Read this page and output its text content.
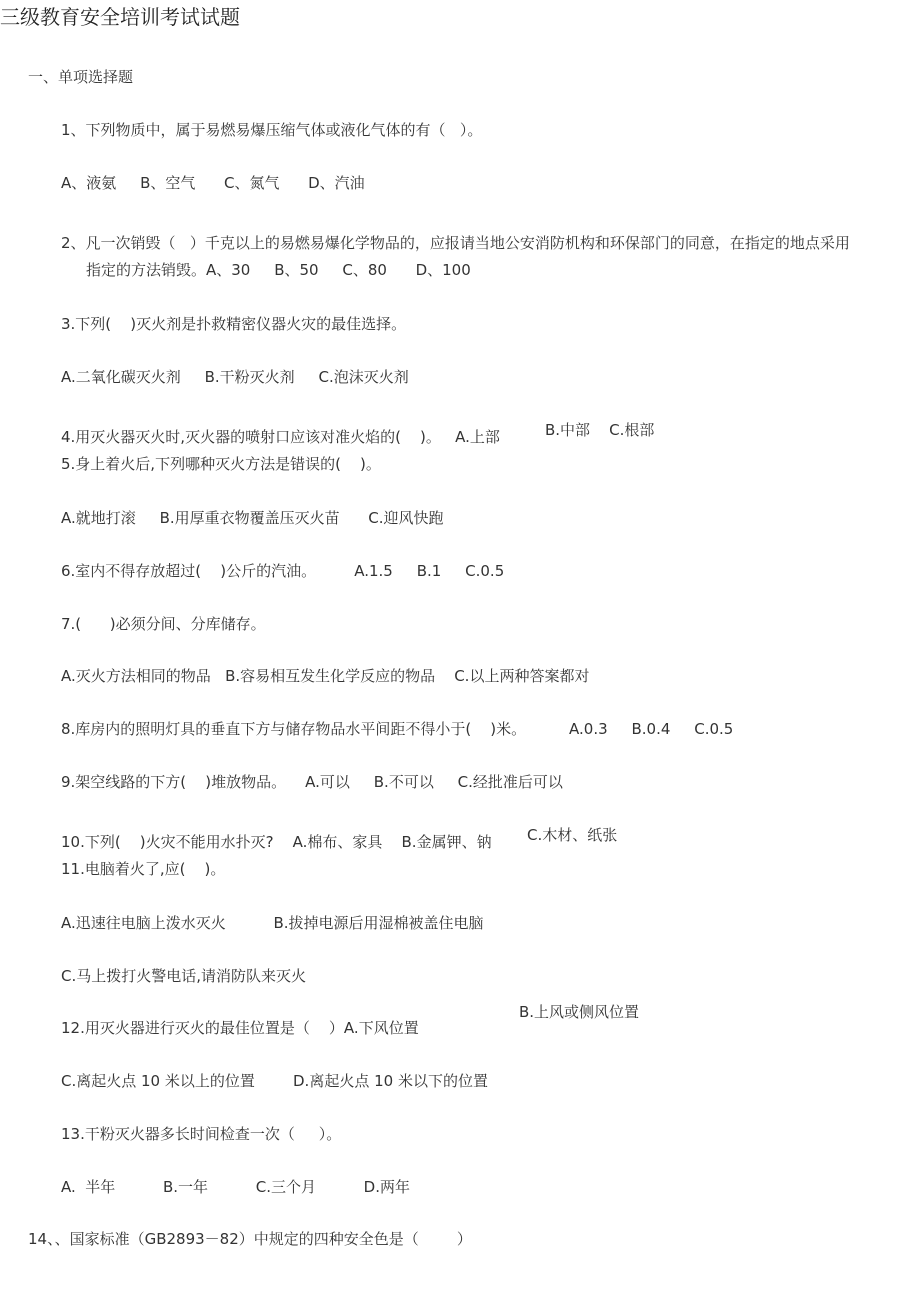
三级教育安全培训考试试题
一、单项选择题
1、下列物质中，属于易燃易爆压缩气体或液化气体的有（   ）。
A、液氨     B、空气      C、氮气      D、汽油
2、凡一次销毁（   ）千克以上的易燃易爆化学物品的，应报请当地公安消防机构和环保部门的同意，在指定的地点采用
指定的方法销毁。A、30     B、50     C、80      D、100
3.下列(    )灭火剂是扑救精密仪器火灾的最佳选择。
A.二氧化碳灭火剂     B.干粉灭火剂     C.泡沫灭火剂
4.用灭火器灭火时,灭火器的喷射口应该对准火焰的(    )。   A.上部	B.中部    C.根部
5.身上着火后,下列哪种灭火方法是错误的(    )。
A.就地打滚     B.用厚重衣物覆盖压灭火苗      C.迎风快跑
6.室内不得存放超过(    )公斤的汽油。        A.1.5     B.1     C.0.5
7.(      )必须分间、分库储存。
A.灭火方法相同的物品   B.容易相互发生化学反应的物品    C.以上两种答案都对
8.库房内的照明灯具的垂直下方与储存物品水平间距不得小于(    )米。         A.0.3     B.0.4     C.0.5
9.架空线路的下方(    )堆放物品。    A.可以     B.不可以     C.经批准后可以
10.下列(    )火灾不能用水扑灭?    A.棉布、家具    B.金属钾、钠 C.木材、纸张
11.电脑着火了,应(    )。
A.迅速往电脑上泼水灭火          B.拔掉电源后用湿棉被盖住电脑
C.马上拨打火警电话,请消防队来灭火
B.上风或侧风位置
12.用灭火器进行灭火的最佳位置是（    ）A.下风位置
C.离起火点 10 米以上的位置        D.离起火点 10 米以下的位置
13.干粉灭火器多长时间检查一次（     ）。
A.  半年          B.一年          C.三个月          D.两年
14、、国家标准（GB2893－82）中规定的四种安全色是（        ）
